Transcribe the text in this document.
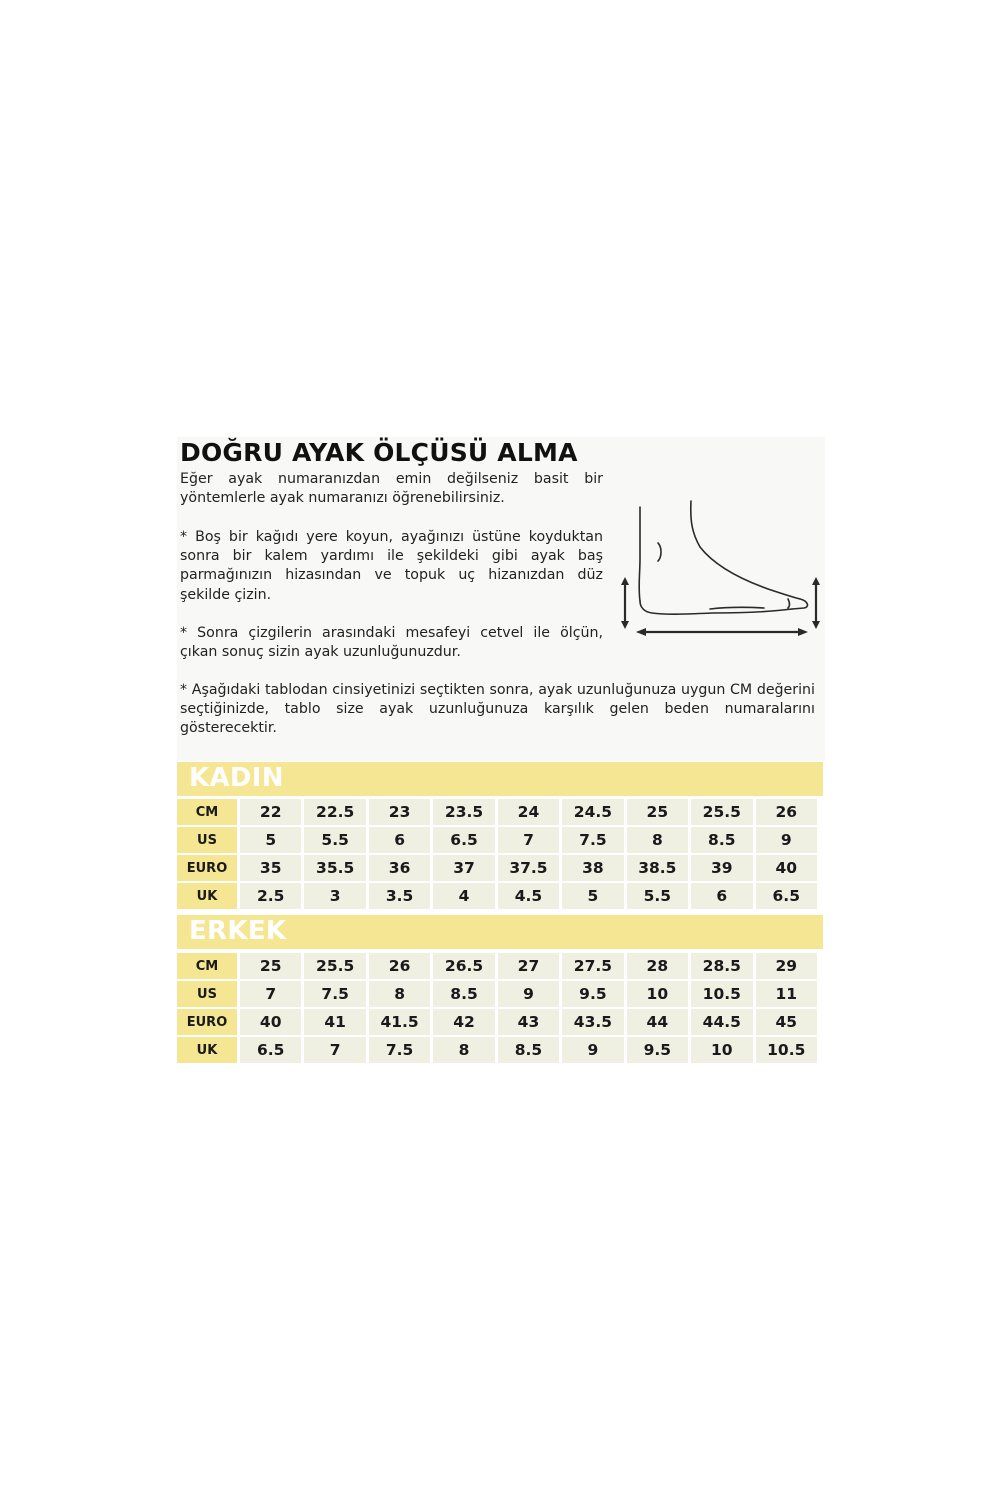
DOĞRU AYAK ÖLÇÜSÜ ALMA

Eğer ayak numaranızdan emin değilseniz basit bir yöntemlerle ayak numaranızı öğrenebilirsiniz.

* Boş bir kağıdı yere koyun, ayağınızı üstüne koyduktan sonra bir kalem yardımı ile şekildeki gibi ayak baş parmağınızın hizasından ve topuk uç hizanızdan düz şekilde çizin.

* Sonra çizgilerin arasındaki mesafeyi cetvel ile ölçün, çıkan sonuç sizin ayak uzunluğunuzdur.

* Aşağıdaki tablodan cinsiyetinizi seçtikten sonra, ayak uzunluğunuza uygun CM değerini seçtiğinizde, tablo size ayak uzunluğunuza karşılık gelen beden numaralarını gösterecektir.

KADIN
CM	22	22.5	23	23.5	24	24.5	25	25.5	26
US	5	5.5	6	6.5	7	7.5	8	8.5	9
EURO	35	35.5	36	37	37.5	38	38.5	39	40
UK	2.5	3	3.5	4	4.5	5	5.5	6	6.5
ERKEK
CM	25	25.5	26	26.5	27	27.5	28	28.5	29
US	7	7.5	8	8.5	9	9.5	10	10.5	11
EURO	40	41	41.5	42	43	43.5	44	44.5	45
UK	6.5	7	7.5	8	8.5	9	9.5	10	10.5
